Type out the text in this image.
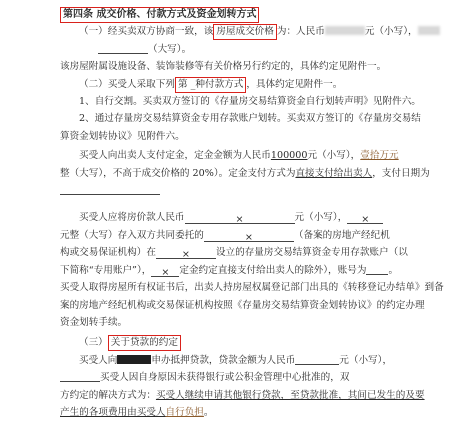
第四条 成交价格、付款方式及资金划转方式
（一）经买卖双方协商一致，该 房屋成交价格 为：人民币	元（小写），
（大写）。
该房屋附属设施设备、装饰装修等有关价格另行约定的，具体约定见附件一。
（二）买受人采取下列 第 _种付款方式 ，具体约定见附件一。
1、自行交割。买卖双方签订的《存量房交易结算资金自行划转声明》见附件六。
2、通过存量房交易结算资金专用存款账户划转。买卖双方签订的《存量房交易结
算资金划转协议》见附件六。
买受人向出卖人支付定金，定金金额为人民币100000元（小写），壹拾万元
整（大写），不高于成交价格的 20%）。定金支付方式为直接支付给出卖人，支付日期为
买受人应将房价款人民币	×	元（小写）， ×
元整（大写）存入双方共同委托的	×	（备案的房地产经纪机
构或交易保证机构）在	×	设立的存量房交易结算资金专用存款账户（以
下简称“专用账户”）， × 定金约定直接支付给出卖人的除外），账号为 。
买受人取得房屋所有权证书后，出卖人持房屋权属登记部门出具的《转移登记办结单》到备
案的房地产经纪机构或交易保证机构按照《存量房交易结算资金划转协议》的约定办理
资金划转手续。
（三） 关于贷款的约定
买受人向	申办抵押贷款，贷款金额为人民币	元（小写），
买受人因自身原因未获得银行或公积金管理中心批准的，双
方约定的解决方式为：买受人继续申请其他银行贷款，至贷款批准，其间已发生的及要
产生的各项费用由买受人自行负担。
